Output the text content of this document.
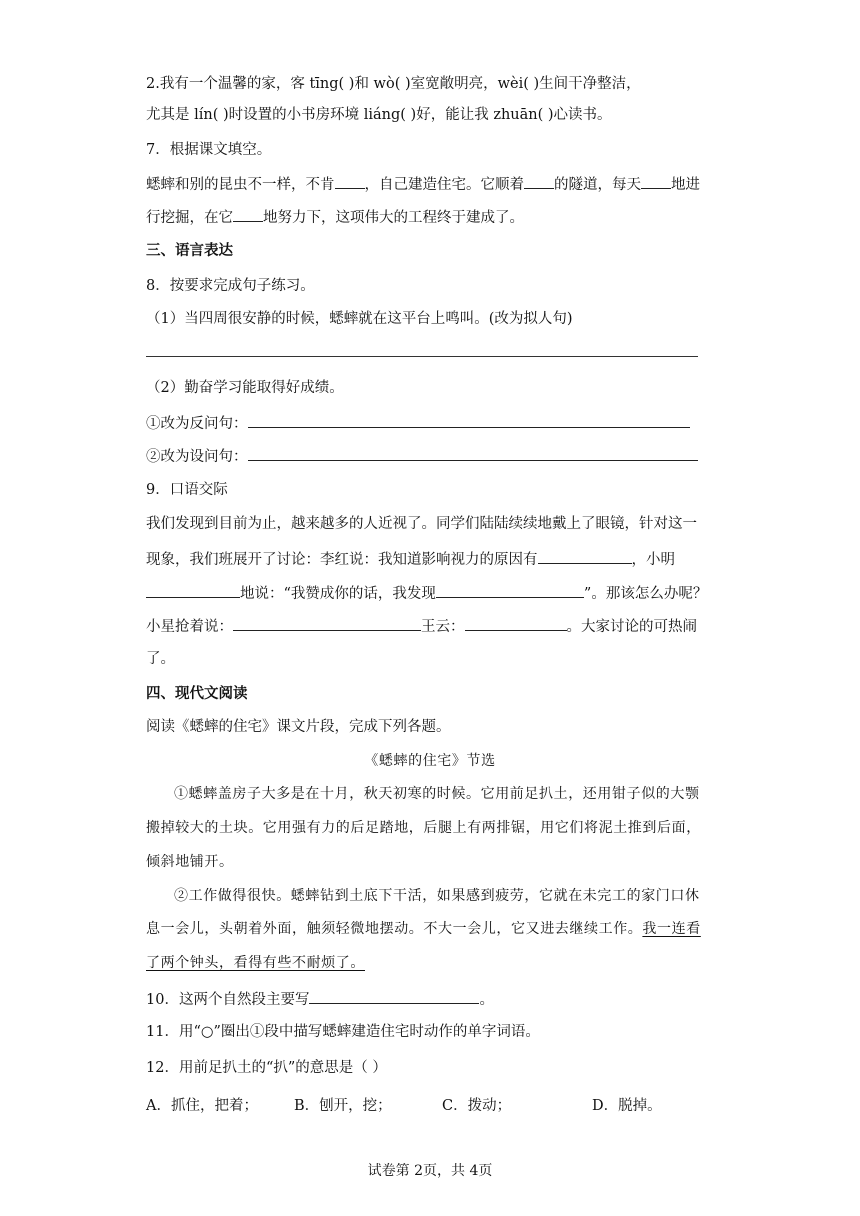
2.我有一个温馨的家，客 tīng( )和 wò( )室宽敞明亮，wèi( )生间干净整洁，
尤其是 lín( )时设置的小书房环境 liáng( )好，能让我 zhuān( )心读书。
7．根据课文填空。
蟋蟀和别的昆虫不一样，不肯 ，自己建造住宅。它顺着 的隧道，每天 地进
行挖掘，在它 地努力下，这项伟大的工程终于建成了。
三、语言表达
8．按要求完成句子练习。
（1）当四周很安静的时候，蟋蟀就在这平台上鸣叫。(改为拟人句)
（2）勤奋学习能取得好成绩。
①改为反问句：
②改为设问句：
9．口语交际
我们发现到目前为止，越来越多的人近视了。同学们陆陆续续地戴上了眼镜，针对这一
现象，我们班展开了讨论：李红说：我知道影响视力的原因有	，小明
地说：“我赞成你的话，我发现	”。那该怎么办呢？
小星抢着说：	王云：	。大家讨论的可热闹
了。
四、现代文阅读
阅读《蟋蟀的住宅》课文片段，完成下列各题。
《蟋蟀的住宅》节选
①蟋蟀盖房子大多是在十月，秋天初寒的时候。它用前足扒土，还用钳子似的大颚
搬掉较大的土块。它用强有力的后足踏地，后腿上有两排锯，用它们将泥土推到后面，
倾斜地铺开。
②工作做得很快。蟋蟀钻到土底下干活，如果感到疲劳，它就在未完工的家门口休
息一会儿，头朝着外面，触须轻微地摆动。不大一会儿，它又进去继续工作。我一连看
了两个钟头，看得有些不耐烦了。
10．这两个自然段主要写	。
11．用“○”圈出①段中描写蟋蟀建造住宅时动作的单字词语。
12．用前足扒土的“扒”的意思是（ ）
A．抓住，把着； B．刨开，挖；	C．拨动；	D．脱掉。
试卷第 2页，共 4页
